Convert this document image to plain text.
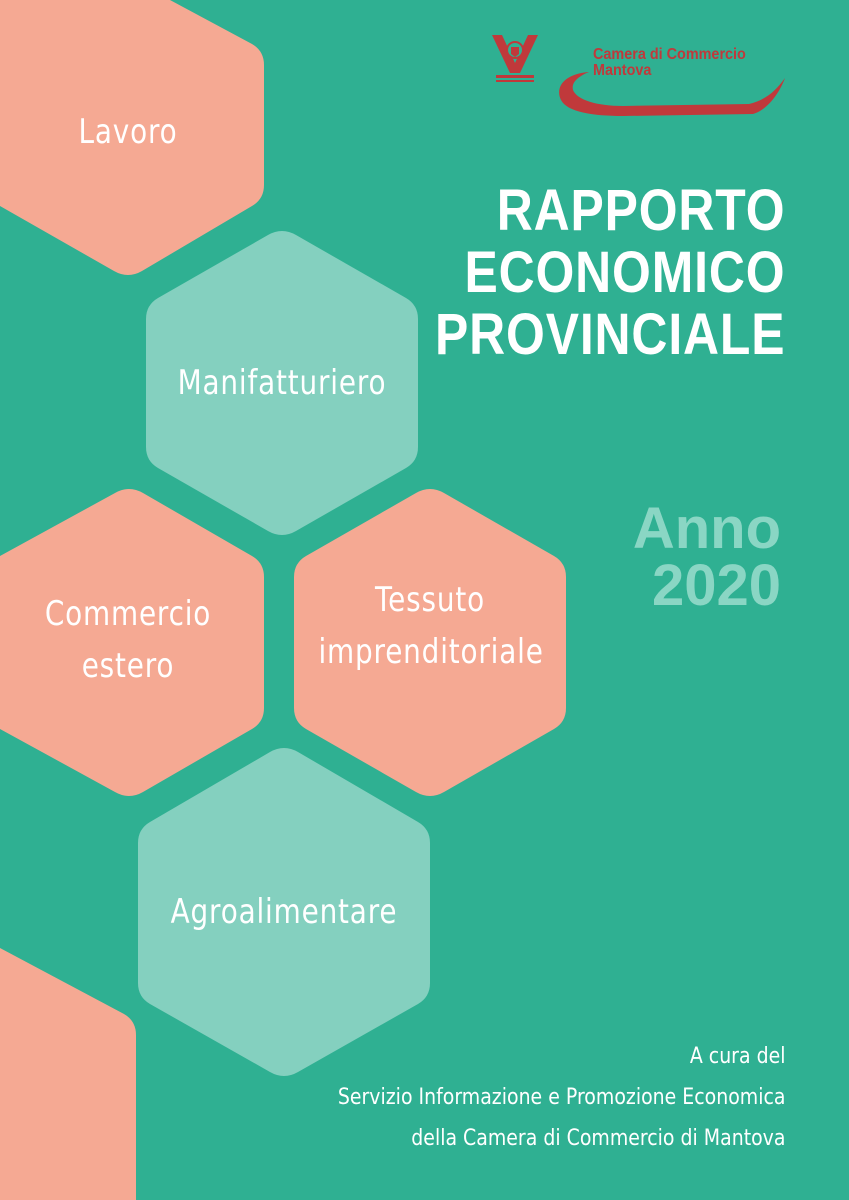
Lavoro
Manifatturiero
Commercio
estero
Tessuto
imprenditoriale
Agroalimentare
Camera di Commercio
Mantova
RAPPORTO
ECONOMICO
PROVINCIALE
Anno
2020
A cura del
Servizio Informazione e Promozione Economica
della Camera di Commercio di Mantova
